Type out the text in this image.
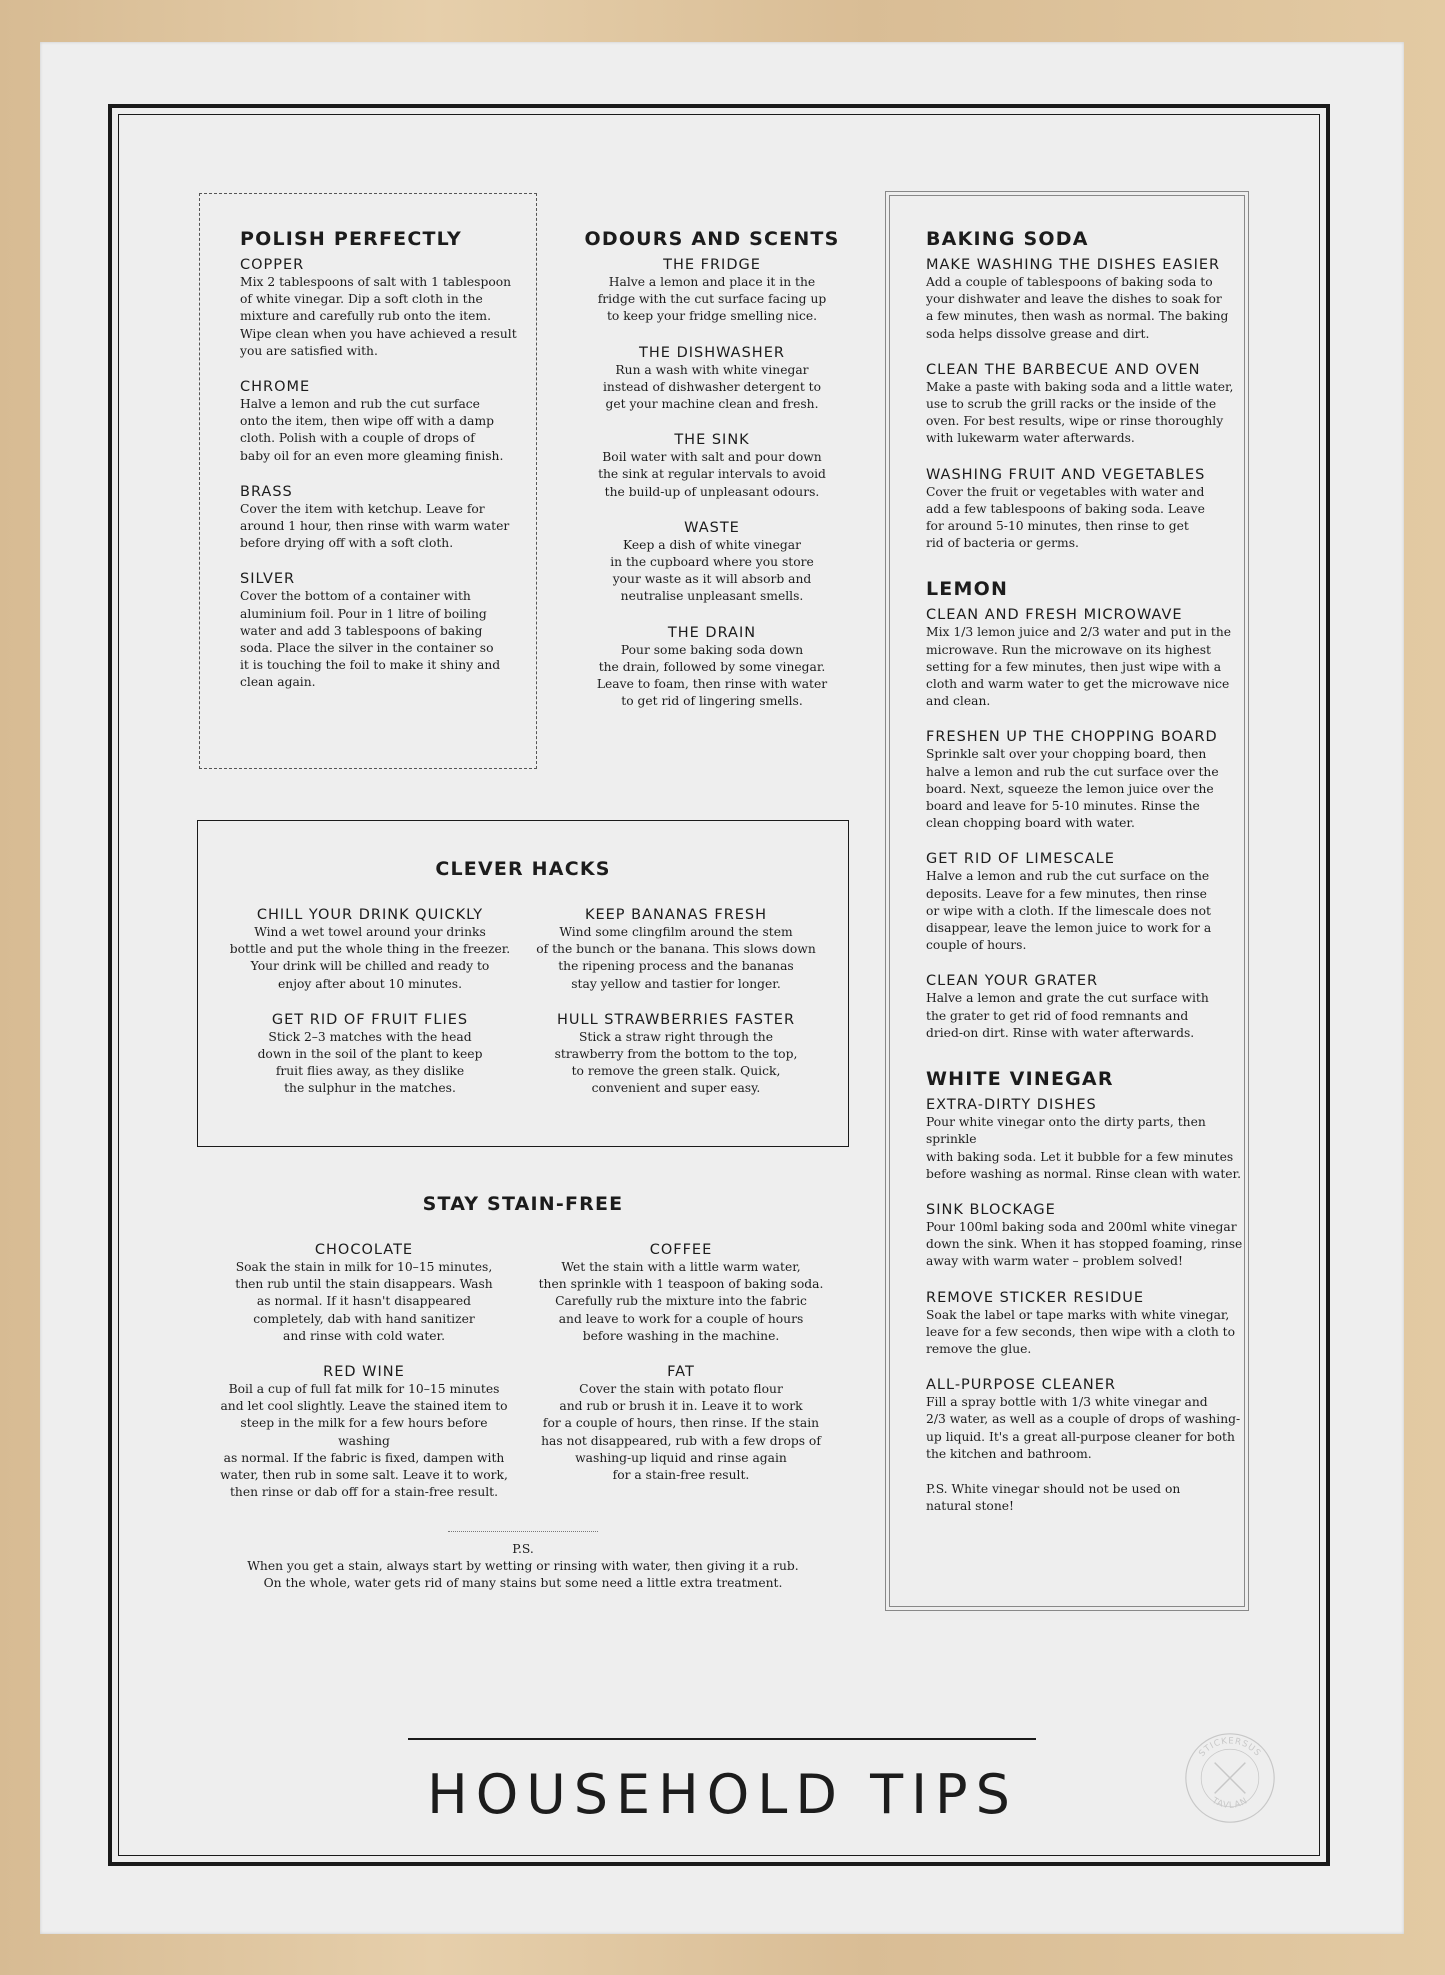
POLISH PERFECTLY
COPPER
Mix 2 tablespoons of salt with 1 tablespoon
of white vinegar. Dip a soft cloth in the
mixture and carefully rub onto the item.
Wipe clean when you have achieved a result
you are satisfied with.
CHROME
Halve a lemon and rub the cut surface
onto the item, then wipe off with a damp
cloth. Polish with a couple of drops of
baby oil for an even more gleaming finish.
BRASS
Cover the item with ketchup. Leave for
around 1 hour, then rinse with warm water
before drying off with a soft cloth.
SILVER
Cover the bottom of a container with
aluminium foil. Pour in 1 litre of boiling
water and add 3 tablespoons of baking
soda. Place the silver in the container so
it is touching the foil to make it shiny and
clean again.
ODOURS AND SCENTS
THE FRIDGE
Halve a lemon and place it in the
fridge with the cut surface facing up
to keep your fridge smelling nice.
THE DISHWASHER
Run a wash with white vinegar
instead of dishwasher detergent to
get your machine clean and fresh.
THE SINK
Boil water with salt and pour down
the sink at regular intervals to avoid
the build-up of unpleasant odours.
WASTE
Keep a dish of white vinegar
in the cupboard where you store
your waste as it will absorb and
neutralise unpleasant smells.
THE DRAIN
Pour some baking soda down
the drain, followed by some vinegar.
Leave to foam, then rinse with water
to get rid of lingering smells.
CLEVER HACKS
CHILL YOUR DRINK QUICKLY
Wind a wet towel around your drinks
bottle and put the whole thing in the freezer.
Your drink will be chilled and ready to
enjoy after about 10 minutes.
GET RID OF FRUIT FLIES
Stick 2–3 matches with the head
down in the soil of the plant to keep
fruit flies away, as they dislike
the sulphur in the matches.
KEEP BANANAS FRESH
Wind some clingfilm around the stem
of the bunch or the banana. This slows down
the ripening process and the bananas
stay yellow and tastier for longer.
HULL STRAWBERRIES FASTER
Stick a straw right through the
strawberry from the bottom to the top,
to remove the green stalk. Quick,
convenient and super easy.
STAY STAIN-FREE
CHOCOLATE
Soak the stain in milk for 10–15 minutes,
then rub until the stain disappears. Wash
as normal. If it hasn't disappeared
completely, dab with hand sanitizer
and rinse with cold water.
RED WINE
Boil a cup of full fat milk for 10–15 minutes
and let cool slightly. Leave the stained item to
steep in the milk for a few hours before washing
as normal. If the fabric is fixed, dampen with
water, then rub in some salt. Leave it to work,
then rinse or dab off for a stain-free result.
COFFEE
Wet the stain with a little warm water,
then sprinkle with 1 teaspoon of baking soda.
Carefully rub the mixture into the fabric
and leave to work for a couple of hours
before washing in the machine.
FAT
Cover the stain with potato flour
and rub or brush it in. Leave it to work
for a couple of hours, then rinse. If the stain
has not disappeared, rub with a few drops of
washing-up liquid and rinse again
for a stain-free result.
P.S.
When you get a stain, always start by wetting or rinsing with water, then giving it a rub.
On the whole, water gets rid of many stains but some need a little extra treatment.
BAKING SODA
MAKE WASHING THE DISHES EASIER
Add a couple of tablespoons of baking soda to
your dishwater and leave the dishes to soak for
a few minutes, then wash as normal. The baking
soda helps dissolve grease and dirt.
CLEAN THE BARBECUE AND OVEN
Make a paste with baking soda and a little water,
use to scrub the grill racks or the inside of the
oven. For best results, wipe or rinse thoroughly
with lukewarm water afterwards.
WASHING FRUIT AND VEGETABLES
Cover the fruit or vegetables with water and
add a few tablespoons of baking soda. Leave
for around 5-10 minutes, then rinse to get
rid of bacteria or germs.
LEMON
CLEAN AND FRESH MICROWAVE
Mix 1/3 lemon juice and 2/3 water and put in the
microwave. Run the microwave on its highest
setting for a few minutes, then just wipe with a
cloth and warm water to get the microwave nice
and clean.
FRESHEN UP THE CHOPPING BOARD
Sprinkle salt over your chopping board, then
halve a lemon and rub the cut surface over the
board. Next, squeeze the lemon juice over the
board and leave for 5-10 minutes. Rinse the
clean chopping board with water.
GET RID OF LIMESCALE
Halve a lemon and rub the cut surface on the
deposits. Leave for a few minutes, then rinse
or wipe with a cloth. If the limescale does not
disappear, leave the lemon juice to work for a
couple of hours.
CLEAN YOUR GRATER
Halve a lemon and grate the cut surface with
the grater to get rid of food remnants and
dried-on dirt. Rinse with water afterwards.
WHITE VINEGAR
EXTRA-DIRTY DISHES
Pour white vinegar onto the dirty parts, then sprinkle
with baking soda. Let it bubble for a few minutes
before washing as normal. Rinse clean with water.
SINK BLOCKAGE
Pour 100ml baking soda and 200ml white vinegar
down the sink. When it has stopped foaming, rinse
away with warm water – problem solved!
REMOVE STICKER RESIDUE
Soak the label or tape marks with white vinegar,
leave for a few seconds, then wipe with a cloth to
remove the glue.
ALL-PURPOSE CLEANER
Fill a spray bottle with 1/3 white vinegar and
2/3 water, as well as a couple of drops of washing-
up liquid. It's a great all-purpose cleaner for both
the kitchen and bathroom.
P.S. White vinegar should not be used on
natural stone!
HOUSEHOLD TIPS
STICKERSUS
TAVLAN
